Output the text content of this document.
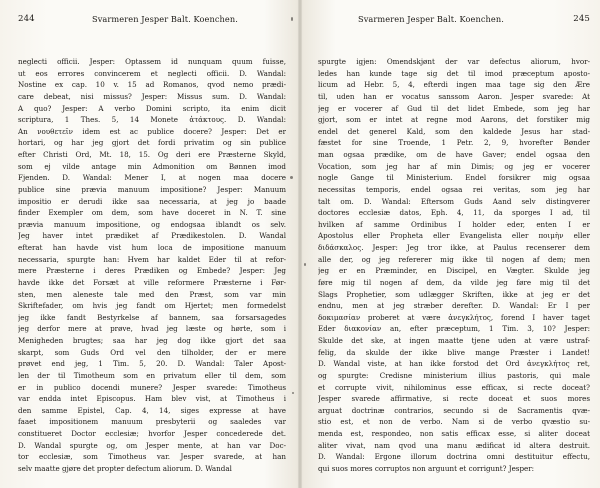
244	Svarmeren Jesper Balt. Koenchen.
neglecti officii. Jesper: Optassem id nunquam quum fuisse,
ut eos errores convincerem et neglecti officii. D. Wandal:
Nostine ex cap. 10 v. 15 ad Romanos, qvod nemo prædi-
care debeat, nisi missus? Jesper: Missus sum. D. Wandal:
A quo? Jesper: A verbo Domini scripto, ita enim dicit
scriptura, 1 Thes. 5, 14 Monete ἀτάκτους. D. Wandal:
An νουθετεῖν idem est ac publice docere? Jesper: Det er
hortari, og har jeg gjort det fordi privatim og sin publice
efter Christi Ord, Mt. 18, 15. Og deri ere Præsterne Skyld,
som ej vilde antage min Admonition om Bønnen imod
Fjenden. D. Wandal: Mener I, at nogen maa docere
publice sine prævia manuum impositione? Jesper: Manuum
impositio er derudi ikke saa necessaria, at jeg jo baade
finder Exempler om dem, som have doceret in N. T. sine
prævia manuum impositione, og endogsaa iblandt os selv.
Jeg haver intet prædiket af Prædikestolen. D. Wandal
efterat han havde vist hum loca de impositione manuum
necessaria, spurgte han: Hvem har kaldet Eder til at refor-
mere Præsterne i deres Prædiken og Embede? Jesper: Jeg
havde ikke det Forsæt at ville reformere Præsterne i Før-
sten, men aleneste tale med den Præst, som var min
Skriftefader, om hvis jeg fandt om Hjertet; men formedelst
jeg ikke fandt Bestyrkelse af bannem, saa forsarsagedes
jeg derfor mere at prøve, hvad jeg læste og hørte, som i
Menigheden brugtes; saa har jeg dog ikke gjort det saa
skarpt, som Guds Ord vel den tilholder, der er mere
prøvet end jeg, 1 Tim. 5, 20. D. Wandal: Taler Apost-
len der til Timotheum som en privatum eller til dem, som
er in publico docendi munere? Jesper svarede: Timotheus
var endda intet Episcopus. Ham blev vist, at Timotheus i
den samme Epistel, Cap. 4, 14, siges expresse at have
faaet impositionem manuum presbyterii og saaledes var
constitueret Doctor ecclesiæ; hvorfor Jesper concederede det.
D. Wandal spurgte og, om Jesper mente, at han var Doc-
tor ecclesiæ, som Timotheus var. Jesper svarede, at han
selv maatte gjøre det propter defectum aliorum. D. Wandal
Svarmeren Jesper Balt. Koenchen.	245
spurgte igjen: Omendskjønt der var defectus aliorum, hvor-
ledes han kunde tage sig det til imod præceptum aposto-
licum ad Hebr. 5, 4, efterdi ingen maa tage sig den Ære
til, uden han er vocatus sanssom Aaron. Jesper svarede: At
jeg er vocerer af Gud til det lidet Embede, som jeg har
gjort, som er intet at regne mod Aarons, det forstiker mig
endel det generel Kald, som den kaldede Jesus har stad-
fæstet for sine Troende, 1 Petr. 2, 9, hvorefter Bønder
man ogsaa prædike, om de have Gaver; endel ogsaa den
Vocation, som jeg har af min Dimis; og jeg er vocerer
nogle Gange til Ministerium. Endel forsikrer mig ogsaa
necessitas temporis, endel ogsaa rei veritas, som jeg har
talt om. D. Wandal: Eftersom Guds Aand selv distingverer
doctores ecclesiæ datos, Eph. 4, 11, da sporges I ad, til
hvilken af samme Ordinibus I holder eder, enten I er
Apostolus eller Propheta eller Evangelista eller ποιμὴν eller
διδάσκαλος. Jesper: Jeg tror ikke, at Paulus recenserer dem
alle der, og jeg refererer mig ikke til nogen af dem; men
jeg er en Præminder, en Discipel, en Vægter. Skulde jeg
føre mig til nogen af dem, da vilde jeg føre mig til det
Slags Prophetier, som udlægger Skriften, ikke at jeg er det
endnu, men at jeg stræber derefter. D. Wandal: Er I per
δοκιμασίαν proberet at være ἀνεγκλήτος, forend I haver taget
Eder διακονίαν an, efter præceptum, 1 Tim. 3, 10? Jesper:
Skulde det ske, at ingen maatte tjene uden at være ustraf-
felig, da skulde der ikke blive mange Præster i Landet!
D. Wandal viste, at han ikke forstod det Ord ἀνεγκλήτος ret,
og spurgte: Credisne ministerium illius pastoris, qui male
et corrupte vivit, nihilominus esse efficax, si recte doceat?
Jesper svarede affirmative, si recte doceat et suos mores
arguat doctrinæ contrarios, secundo si de Sacramentis qvæ-
stio est, et non de verbo. Nam si de verbo qvæstio su-
menda est, respondeo, non satis efficax esse, si aliter doceat
aliter vivat, nam qvod una manu ædificat id altera destruit.
D. Wandal: Ergone illorum doctrina omni destituitur effectu,
qui suos mores corruptos non arguunt et corrigunt? Jesper:
